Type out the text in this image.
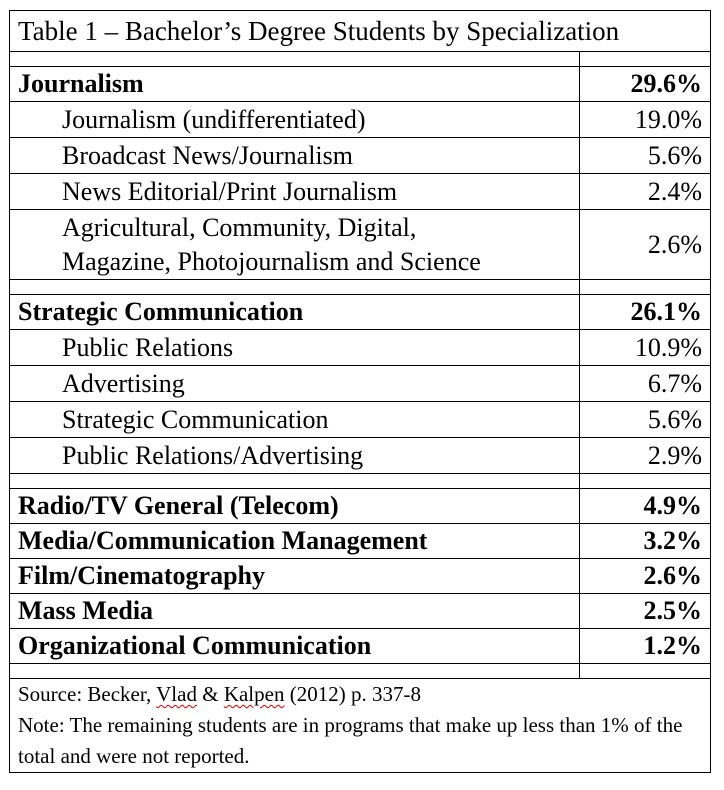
Table 1 – Bachelor’s Degree Students by Specialization	

Journalism	29.6%
Journalism (undifferentiated)	19.0%
Broadcast News/Journalism	5.6%
News Editorial/Print Journalism	2.4%
Agricultural, Community, Digital,
Magazine, Photojournalism and Science	2.6%

Strategic Communication	26.1%
Public Relations	10.9%
Advertising	6.7%
Strategic Communication	5.6%
Public Relations/Advertising	2.9%

Radio/TV General (Telecom)	4.9%
Media/Communication Management	3.2%
Film/Cinematography	2.6%
Mass Media	2.5%
Organizational Communication	1.2%

Source: Becker, Vlad & Kalpen (2012) p. 337-8
Note: The remaining students are in programs that make up less than 1% of the total and were not reported.	
